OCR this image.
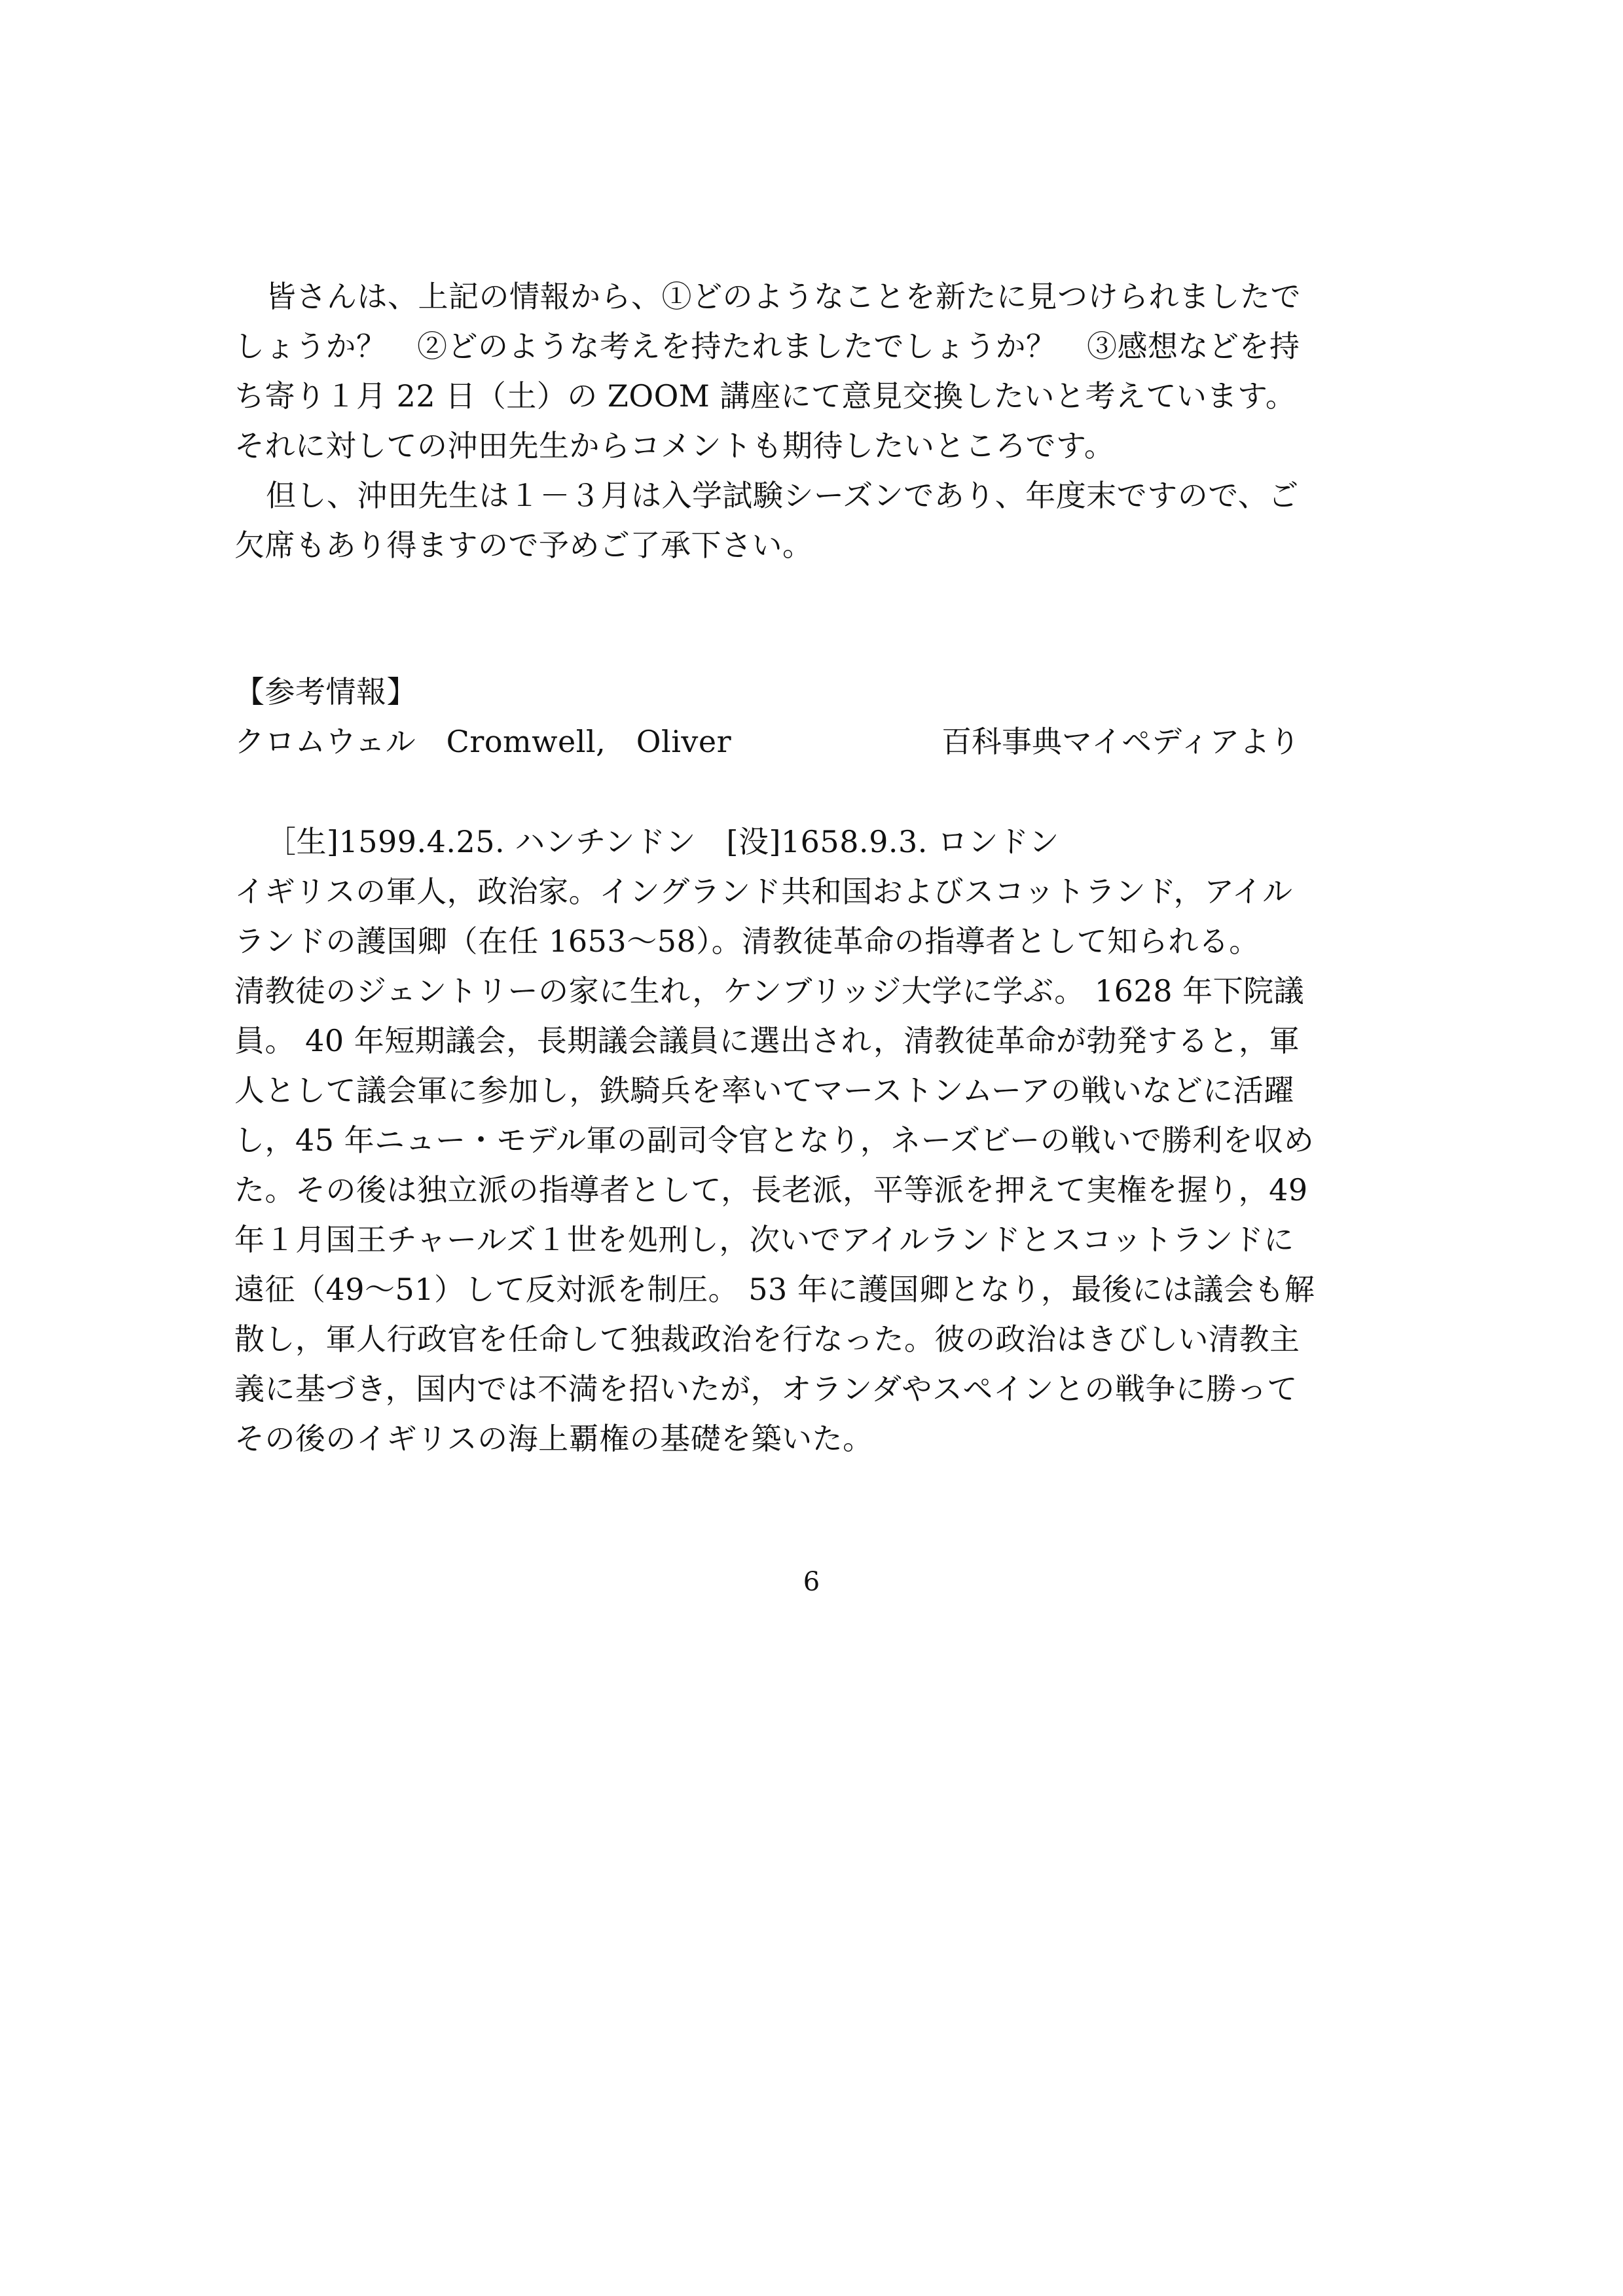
皆さんは、上記の情報から、①どのようなことを新たに見つけられましたで
しょうか？　②どのような考えを持たれましたでしょうか？　③感想などを持
ち寄り１月 22 日（土）の ZOOM 講座にて意見交換したいと考えています。
それに対しての沖田先生からコメントも期待したいところです。
但し、沖田先生は１－３月は入学試験シーズンであり、年度末ですので、ご
欠席もあり得ますので予めご了承下さい。
【参考情報】
クロムウェル　Cromwell,　Oliver	百科事典マイペディアより
［生]1599.4.25. ハンチンドン　[没]1658.9.3. ロンドン
イギリスの軍人，政治家。イングランド共和国およびスコットランド，アイル
ランドの護国卿（在任 1653～58）。清教徒革命の指導者として知られる。
清教徒のジェントリーの家に生れ，ケンブリッジ大学に学ぶ。 1628 年下院議
員。 40 年短期議会，長期議会議員に選出され，清教徒革命が勃発すると，軍
人として議会軍に参加し，鉄騎兵を率いてマーストンムーアの戦いなどに活躍
し，45 年ニュー・モデル軍の副司令官となり，ネーズビーの戦いで勝利を収め
た。その後は独立派の指導者として，長老派，平等派を押えて実権を握り，49
年１月国王チャールズ１世を処刑し，次いでアイルランドとスコットランドに
遠征（49～51）して反対派を制圧。 53 年に護国卿となり，最後には議会も解
散し，軍人行政官を任命して独裁政治を行なった。彼の政治はきびしい清教主
義に基づき，国内では不満を招いたが，オランダやスペインとの戦争に勝って
その後のイギリスの海上覇権の基礎を築いた。
6
